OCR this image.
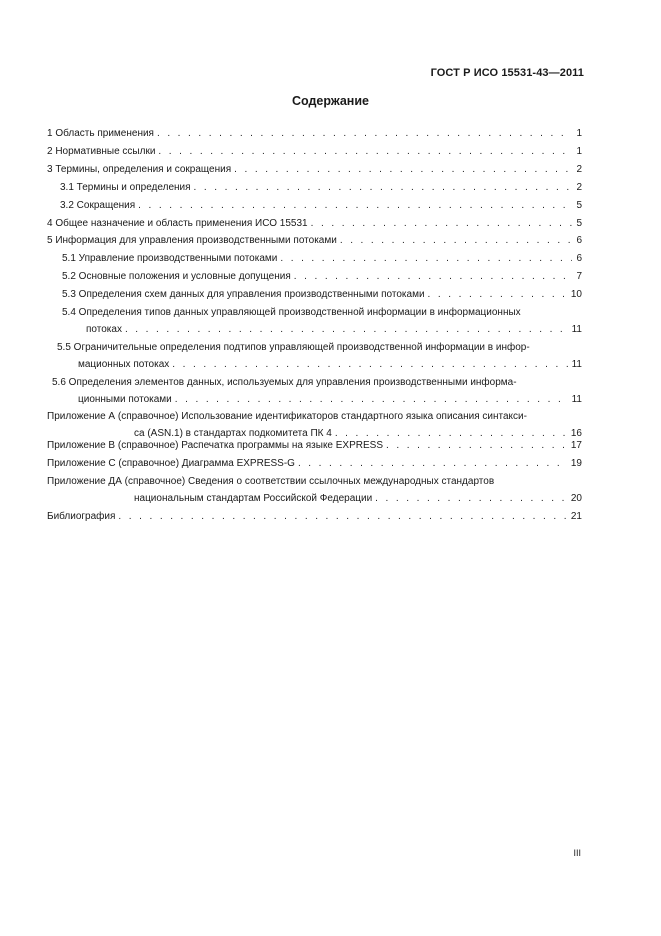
ГОСТ Р ИСО 15531-43—2011
Содержание
1 Область применения . . .	1
2 Нормативные ссылки . . .	1
3 Термины, определения и сокращения . . .	2
3.1 Термины и определения . . .	2
3.2 Сокращения . . .	5
4 Общее назначение и область применения ИСО 15531 . . .	5
5 Информация для управления производственными потоками . . .	6
5.1 Управление производственными потоками . . .	6
5.2 Основные положения и условные допущения . . .	7
5.3 Определения схем данных для управления производственными потоками . . .	10
5.4 Определения типов данных управляющей производственной информации в информационных
потоках . . .	11
5.5 Ограничительные определения подтипов управляющей производственной информации в инфор-
мационных потоках . . .	11
5.6 Определения элементов данных, используемых для управления производственными информа-
ционными потоками . . .	11
Приложение А (справочное) Использование идентификаторов стандартного языка описания синтакси-
са (ASN.1) в стандартах подкомитета ПК 4 . . .	16
Приложение В (справочное) Распечатка программы на языке EXPRESS . . .	17
Приложение С (справочное) Диаграмма EXPRESS-G . . .	19
Приложение ДА (справочное) Сведения о соответствии ссылочных международных стандартов
национальным стандартам Российской Федерации . . .	20
Библиография . . .	21
III
